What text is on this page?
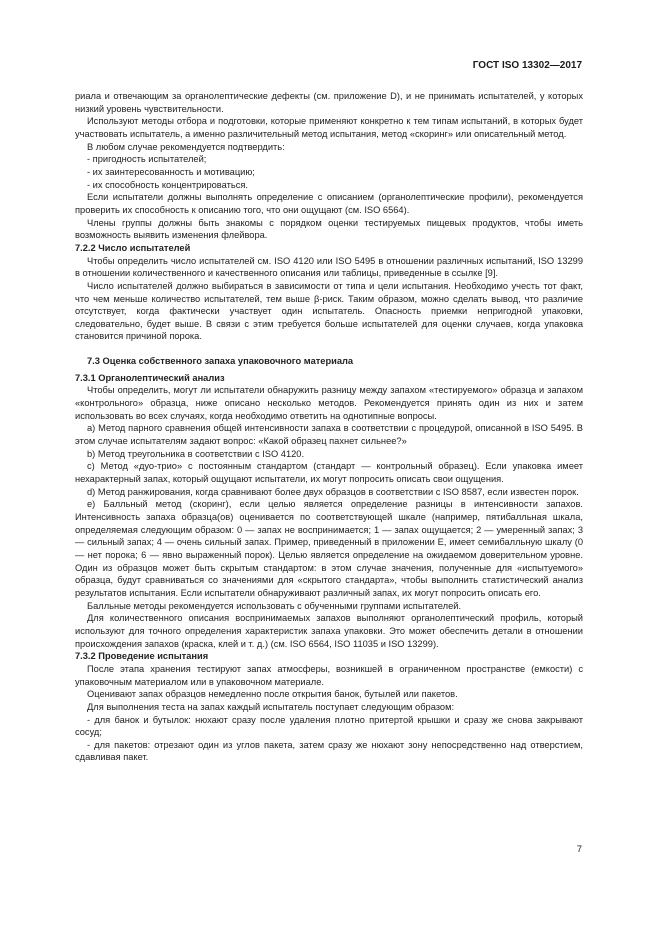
ГОСТ ISO 13302—2017

риала и отвечающим за органолептические дефекты (см. приложение D), и не принимать испытателей, у которых низкий уровень чувствительности.

Используют методы отбора и подготовки, которые применяют конкретно к тем типам испытаний, в которых будет участвовать испытатель, а именно различительный метод испытания, метод «скоринг» или описательный метод.

В любом случае рекомендуется подтвердить:

- пригодность испытателей;

- их заинтересованность и мотивацию;

- их способность концентрироваться.

Если испытатели должны выполнять определение с описанием (органолептические профили), рекомендуется проверить их способность к описанию того, что они ощущают (см. ISO 6564).

Члены группы должны быть знакомы с порядком оценки тестируемых пищевых продуктов, чтобы иметь возможность выявить изменения флейвора.

7.2.2 Число испытателей

Чтобы определить число испытателей см. ISO 4120 или ISO 5495 в отношении различных испытаний, ISO 13299 в отношении количественного и качественного описания или таблицы, приведенные в ссылке [9].

Число испытателей должно выбираться в зависимости от типа и цели испытания. Необходимо учесть тот факт, что чем меньше количество испытателей, тем выше β-риск. Таким образом, можно сделать вывод, что различие отсутствует, когда фактически участвует один испытатель. Опасность приемки непригодной упаковки, следовательно, будет выше. В связи с этим требуется больше испытателей для оценки случаев, когда упаковка становится причиной порока.

7.3 Оценка собственного запаха упаковочного материала

7.3.1 Органолептический анализ

Чтобы определить, могут ли испытатели обнаружить разницу между запахом «тестируемого» образца и запахом «контрольного» образца, ниже описано несколько методов. Рекомендуется принять один из них и затем использовать во всех случаях, когда необходимо ответить на однотипные вопросы.

а) Метод парного сравнения общей интенсивности запаха в соответствии с процедурой, описанной в ISO 5495. В этом случае испытателям задают вопрос: «Какой образец пахнет сильнее?»

b) Метод треугольника в соответствии с ISO 4120.

c) Метод «дуо-трио» с постоянным стандартом (стандарт — контрольный образец). Если упаковка имеет нехарактерный запах, который ощущают испытатели, их могут попросить описать свои ощущения.

d) Метод ранжирования, когда сравнивают более двух образцов в соответствии с ISO 8587, если известен порок.

e) Балльный метод (скоринг), если целью является определение разницы в интенсивности запахов. Интенсивность запаха образца(ов) оценивается по соответствующей шкале (например, пятибалльная шкала, определяемая следующим образом: 0 — запах не воспринимается; 1 — запах ощущается; 2 — умеренный запах; 3 — сильный запах; 4 — очень сильный запах. Пример, приведенный в приложении E, имеет семибалльную шкалу (0 — нет порока; 6 — явно выраженный порок). Целью является определение на ожидаемом доверительном уровне. Один из образцов может быть скрытым стандартом: в этом случае значения, полученные для «испытуемого» образца, будут сравниваться со значениями для «скрытого стандарта», чтобы выполнить статистический анализ результатов испытания. Если испытатели обнаруживают различный запах, их могут попросить описать его.

Балльные методы рекомендуется использовать с обученными группами испытателей.

Для количественного описания воспринимаемых запахов выполняют органолептический профиль, который используют для точного определения характеристик запаха упаковки. Это может обеспечить детали в отношении происхождения запахов (краска, клей и т. д.) (см. ISO 6564, ISO 11035 и ISO 13299).

7.3.2 Проведение испытания

После этапа хранения тестируют запах атмосферы, возникшей в ограниченном пространстве (емкости) с упаковочным материалом или в упаковочном материале.

Оценивают запах образцов немедленно после открытия банок, бутылей или пакетов.

Для выполнения теста на запах каждый испытатель поступает следующим образом:

- для банок и бутылок: нюхают сразу после удаления плотно притертой крышки и сразу же снова закрывают сосуд;

- для пакетов: отрезают один из углов пакета, затем сразу же нюхают зону непосредственно над отверстием, сдавливая пакет.

7
